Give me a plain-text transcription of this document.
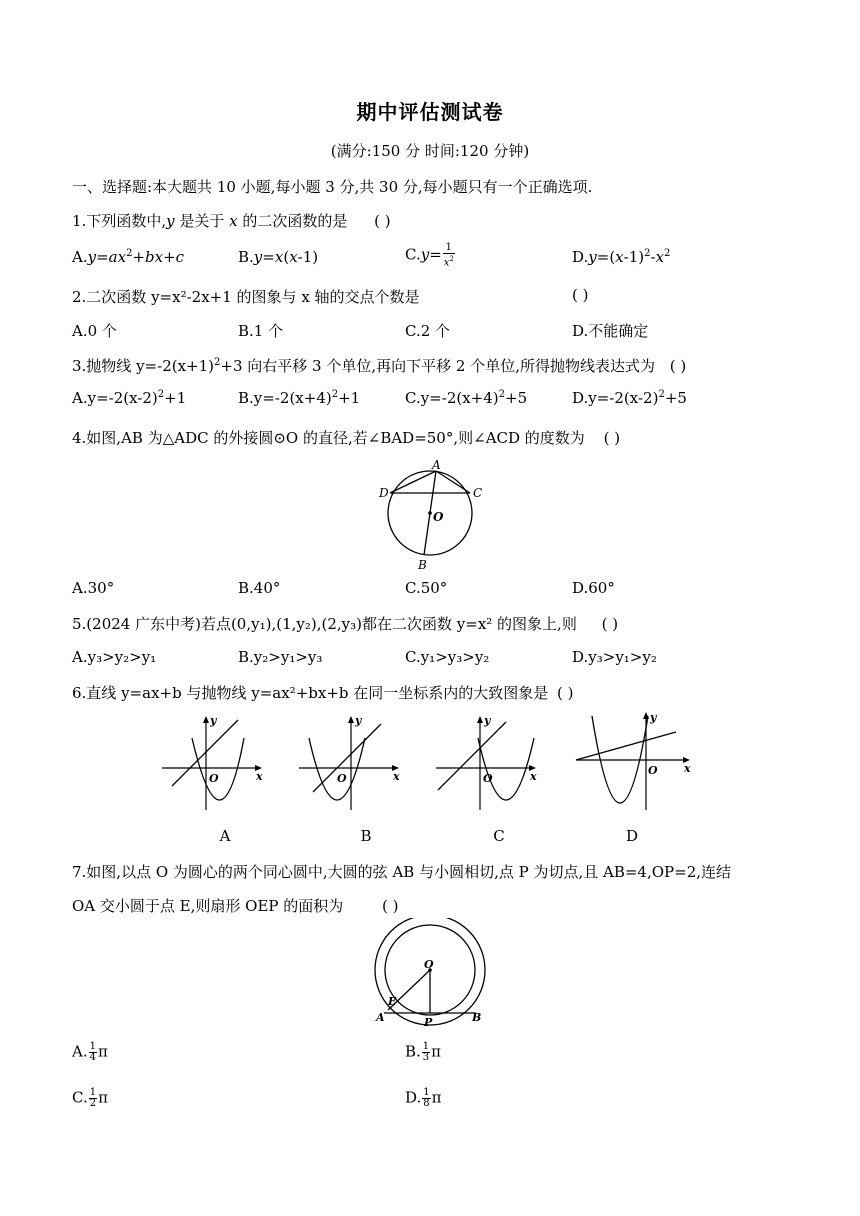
期中评估测试卷
(满分:150 分 时间:120 分钟)
一、选择题:本大题共 10 小题,每小题 3 分,共 30 分,每小题只有一个正确选项.
1.下列函数中,y 是关于 x 的二次函数的是 ( )
$A.y=ax^2+bx+c$	B.y=x(x-1)	$C.y= \frac{1}{x^2}$	$D.y=(x-1)^2-x^2$
2.二次函数 y=x²-2x+1 的图象与 x 轴的交点个数是	( )
A.0 个	B.1 个	C.2 个	D.不能确定
3.抛物线 $y=-2(x+1)^2+3$ 向右平移 3 个单位,再向下平移 2 个单位,所得抛物线表达式为 ( )
$A.y=-2(x-2)^2+1$	$B.y=-2(x+4)^2+1$	$C.y=-2(x+4)^2+5$	$D.y=-2(x-2)^2+5$
4.如图,AB 为△ADC 的外接圆⊙O 的直径,若∠BAD=50°,则∠ACD 的度数为 ( )
A
D	C
O
B
A.30°	B.40°	C.50°	D.60°
5.(2024 广东中考)若点(0,y₁),(1,y₂),(2,y₃)都在二次函数 y=x² 的图象上,则 ( )
A.y₃>y₂>y₁	B.y₂>y₁>y₃	C.y₁>y₃>y₂	D.y₃>y₁>y₂
6.直线 y=ax+b 与抛物线 y=ax²+bx+b 在同一坐标系内的大致图象是 ( )
y
x
O
y
x
O
y
x
O
y
x
O
A	B	C	D
7.如图,以点 O 为圆心的两个同心圆中,大圆的弦 AB 与小圆相切,点 P 为切点,且 AB=4,OP=2,连结
OA 交小圆于点 E,则扇形 OEP 的面积为	( )
O
E
A	P	B
A. $\frac{1}{4}$ π	B. $\frac{1}{3}$ π
C. $\frac{1}{2}$ π	D. $\frac{1}{8}$ π
